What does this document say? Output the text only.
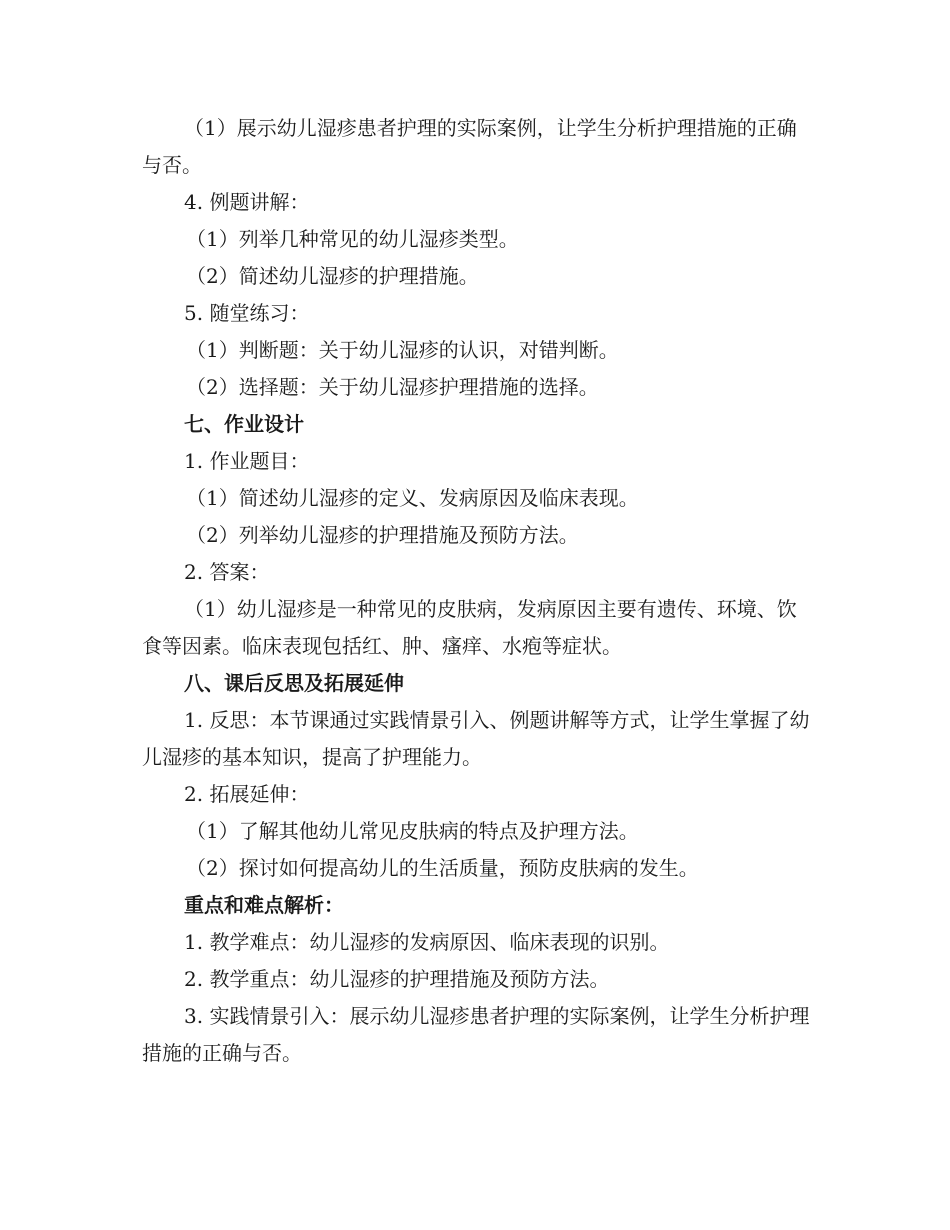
（1）展示幼儿湿疹患者护理的实际案例，让学生分析护理措施的正确与否。

4. 例题讲解：

（1）列举几种常见的幼儿湿疹类型。

（2）简述幼儿湿疹的护理措施。

5. 随堂练习：

（1）判断题：关于幼儿湿疹的认识，对错判断。

（2）选择题：关于幼儿湿疹护理措施的选择。

七、作业设计

1. 作业题目：

（1）简述幼儿湿疹的定义、发病原因及临床表现。

（2）列举幼儿湿疹的护理措施及预防方法。

2. 答案：

（1）幼儿湿疹是一种常见的皮肤病，发病原因主要有遗传、环境、饮食等因素。临床表现包括红、肿、瘙痒、水疱等症状。

八、课后反思及拓展延伸

1. 反思：本节课通过实践情景引入、例题讲解等方式，让学生掌握了幼儿湿疹的基本知识，提高了护理能力。

2. 拓展延伸：

（1）了解其他幼儿常见皮肤病的特点及护理方法。

（2）探讨如何提高幼儿的生活质量，预防皮肤病的发生。

重点和难点解析：

1. 教学难点：幼儿湿疹的发病原因、临床表现的识别。

2. 教学重点：幼儿湿疹的护理措施及预防方法。

3. 实践情景引入：展示幼儿湿疹患者护理的实际案例，让学生分析护理措施的正确与否。
